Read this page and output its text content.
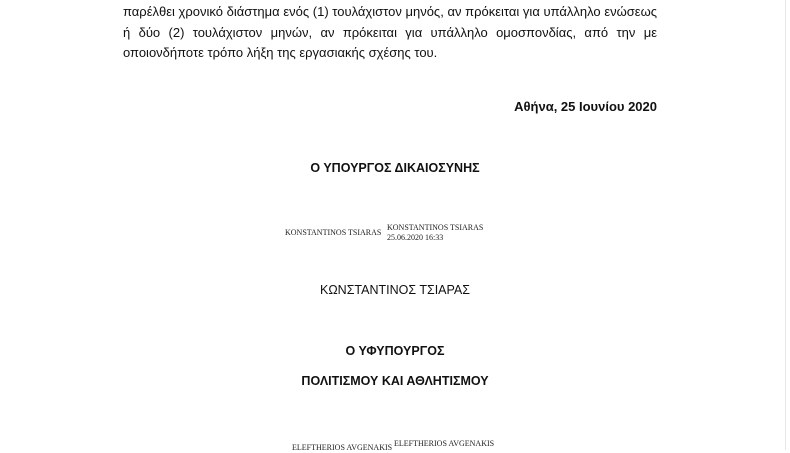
παρέλθει χρονικό διάστημα ενός (1) τουλάχιστον μηνός, αν πρόκειται για υπάλληλο ενώσεως
ή δύο (2) τουλάχιστον μηνών, αν πρόκειται για υπάλληλο ομοσπονδίας, από την με
οποιονδήποτε τρόπο λήξη της εργασιακής σχέσης του.
Αθήνα, 25 Ιουνίου 2020
Ο ΥΠΟΥΡΓΟΣ ΔΙΚΑΙΟΣΥΝΗΣ
KONSTANTINOS TSIARAS
KONSTANTINOS TSIARAS
25.06.2020 16:33
ΚΩΝΣΤΑΝΤΙΝΟΣ ΤΣΙΑΡΑΣ
Ο ΥΦΥΠΟΥΡΓΟΣ
ΠΟΛΙΤΙΣΜΟΥ ΚΑΙ ΑΘΛΗΤΙΣΜΟΥ
ELEFTHERIOS AVGENAKIS ELEFTHERIOS AVGENAKIS
